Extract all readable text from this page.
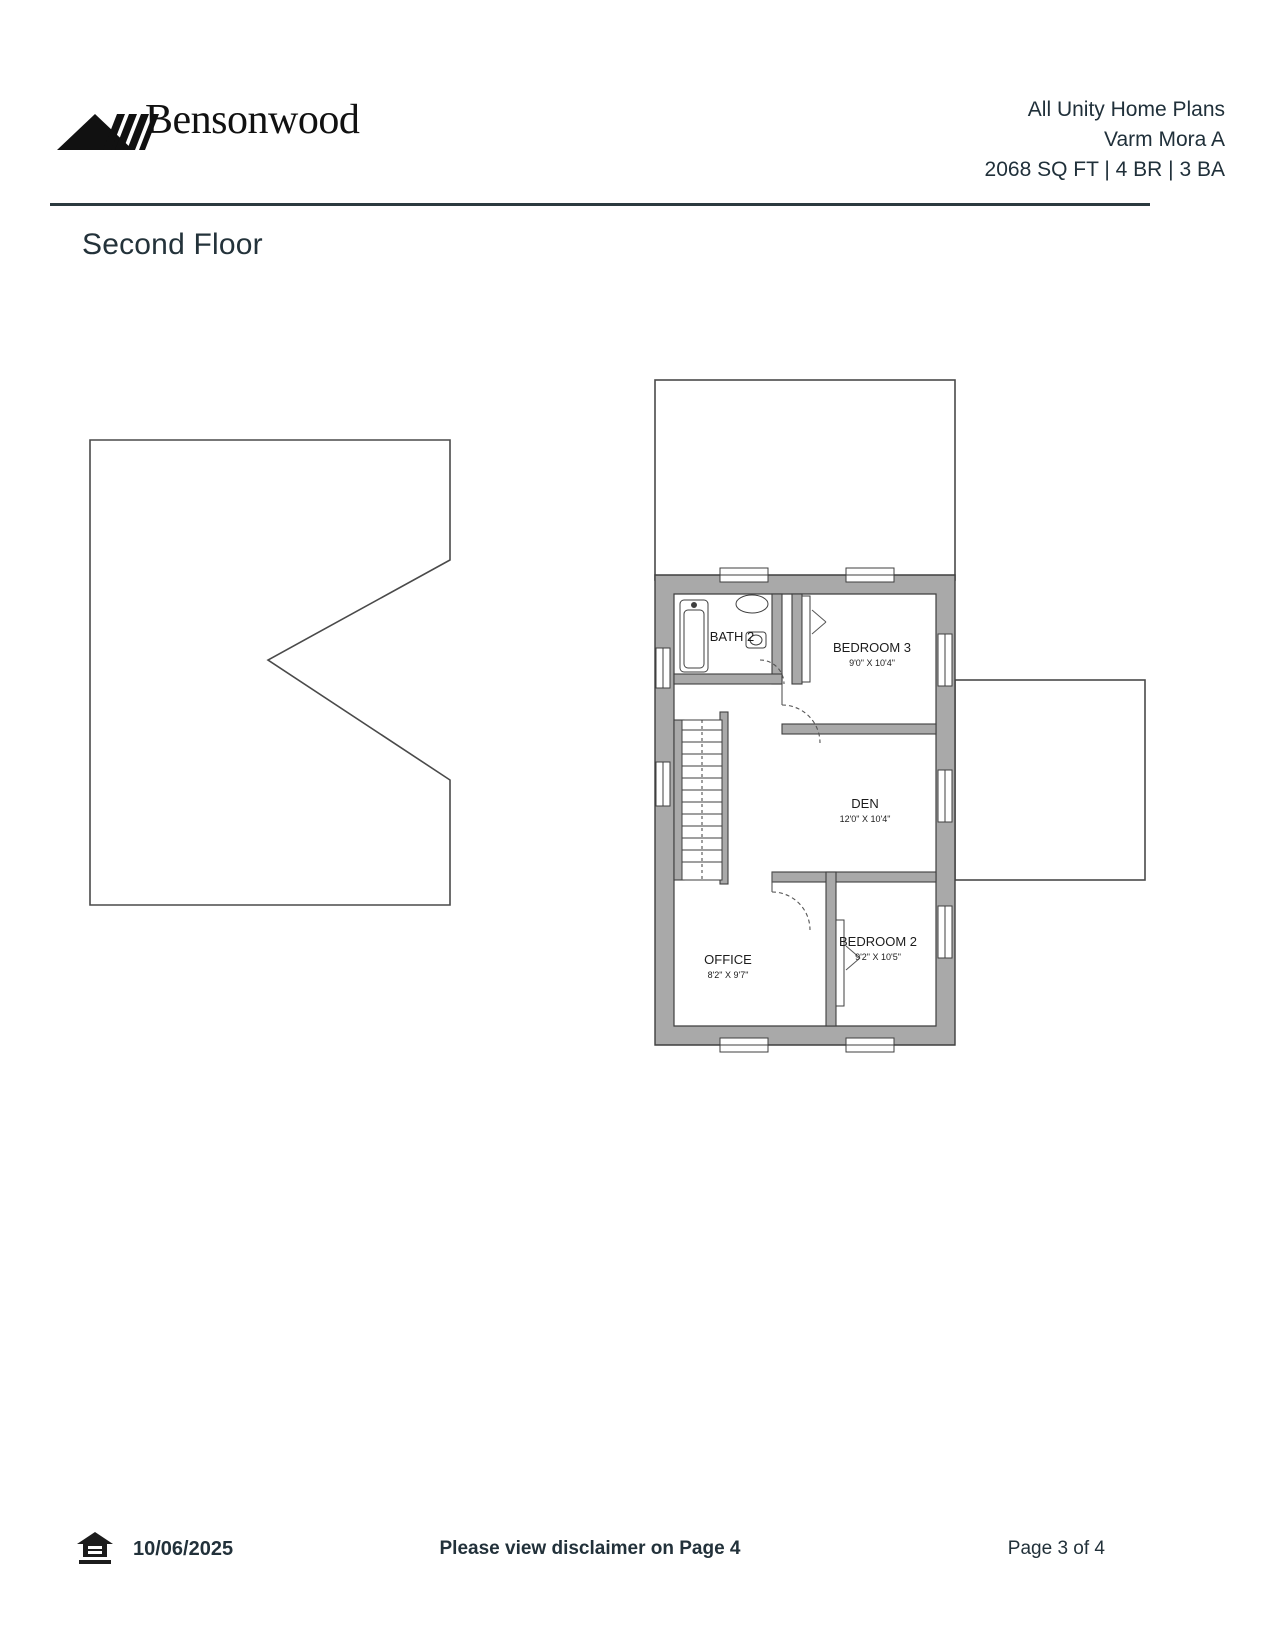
Bensonwood	All Unity Home Plans
Varm Mora A
2068 SQ FT | 4 BR | 3 BA
Second Floor
BATH 2
BEDROOM 3
9'0" X 10'4"
DEN
12'0" X 10'4"
OFFICE
8'2" X 9'7"
BEDROOM 2
9'2" X 10'5"
10/06/2025	Please view disclaimer on Page 4	Page 3 of 4
